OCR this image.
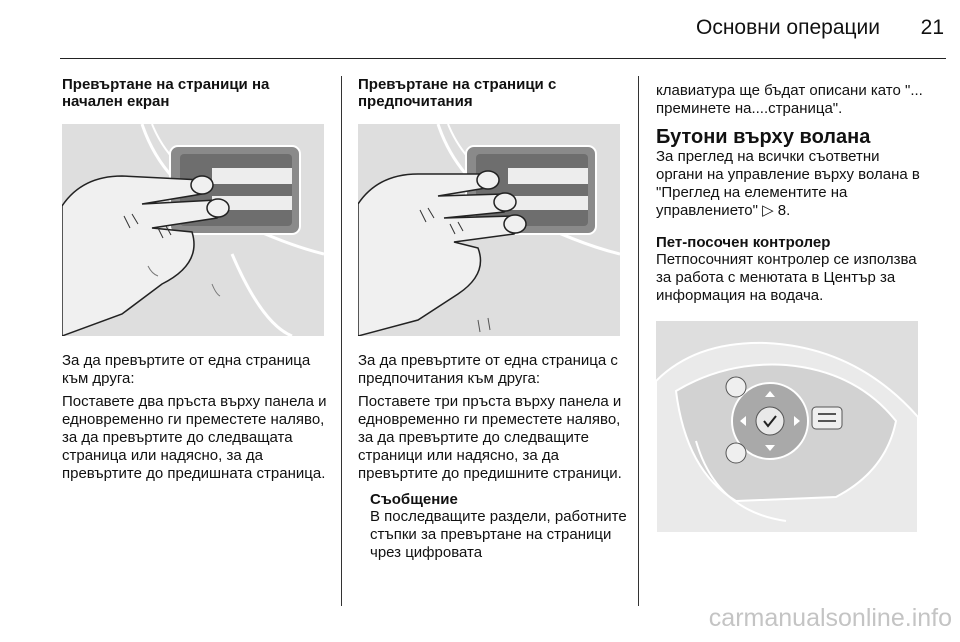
Основни операции	21

Превъртане на страници на начален екран

За да превъртите от една страница към друга:

Поставете два пръста върху панела и едновременно ги преместете наляво, за да превъртите до следващата страница или надясно, за да превъртите до предишната страница.

Превъртане на страници с предпочитания

За да превъртите от една страница с предпочитания към друга:

Поставете три пръста върху панела и едновременно ги преместете наляво, за да превъртите до следващите страници или надясно, за да превъртите до предишните страници.

Съобщение

В последващите раздели, работните стъпки за превъртане на страници чрез цифровата

клавиатура ще бъдат описани като "... преминете на....страница".

Бутони върху волана

За преглед на всички съответни органи на управление върху волана в "Преглед на елементите на управлението" ▷ 8.

Пет-посочен контролер

Петпосочният контролер се използва за работа с менютата в Център за информация на водача.

carmanualsonline.info
